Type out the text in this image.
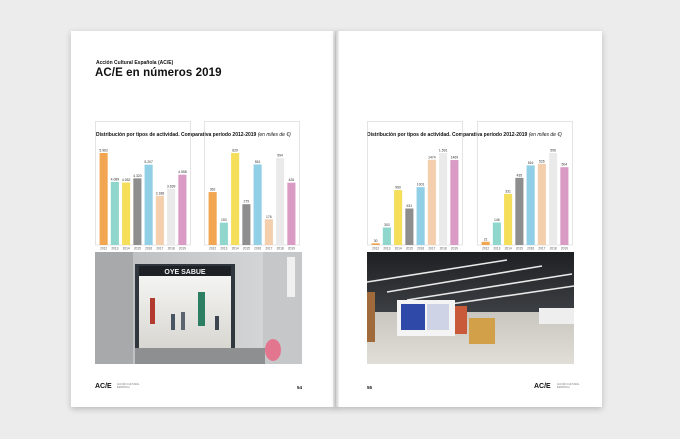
Acción Cultural Española (AC/E)
AC/E en números 2019
Distribución por tipos de actividad. Comparativa período 2012-2019 (en miles de €)
5.962
2012
4.089
2013
4.052
2014
4.320
2015
5.207
2016
3.188
2017
3.639
2018
4.558
2019
362
2012
153
2013
629
2014
279
2015
551
2016
176
2017
594
2018
426
2019
OYE SABUE
AC/E ACCIÓN CULTURAL
ESPAÑOLA	54
Distribución por tipos de actividad. Comparativa período 2012-2019 (en miles de €)
30
2012
303
2013
950
2014
631
2015
1001
2016
1474
2017
1.591
2018
1469
2019
21
2012
146
2013
331
2014
435
2015
516
2016
526
2017
596
2018
504
2019
55	AC/E	ACCIÓN CULTURAL
ESPAÑOLA
